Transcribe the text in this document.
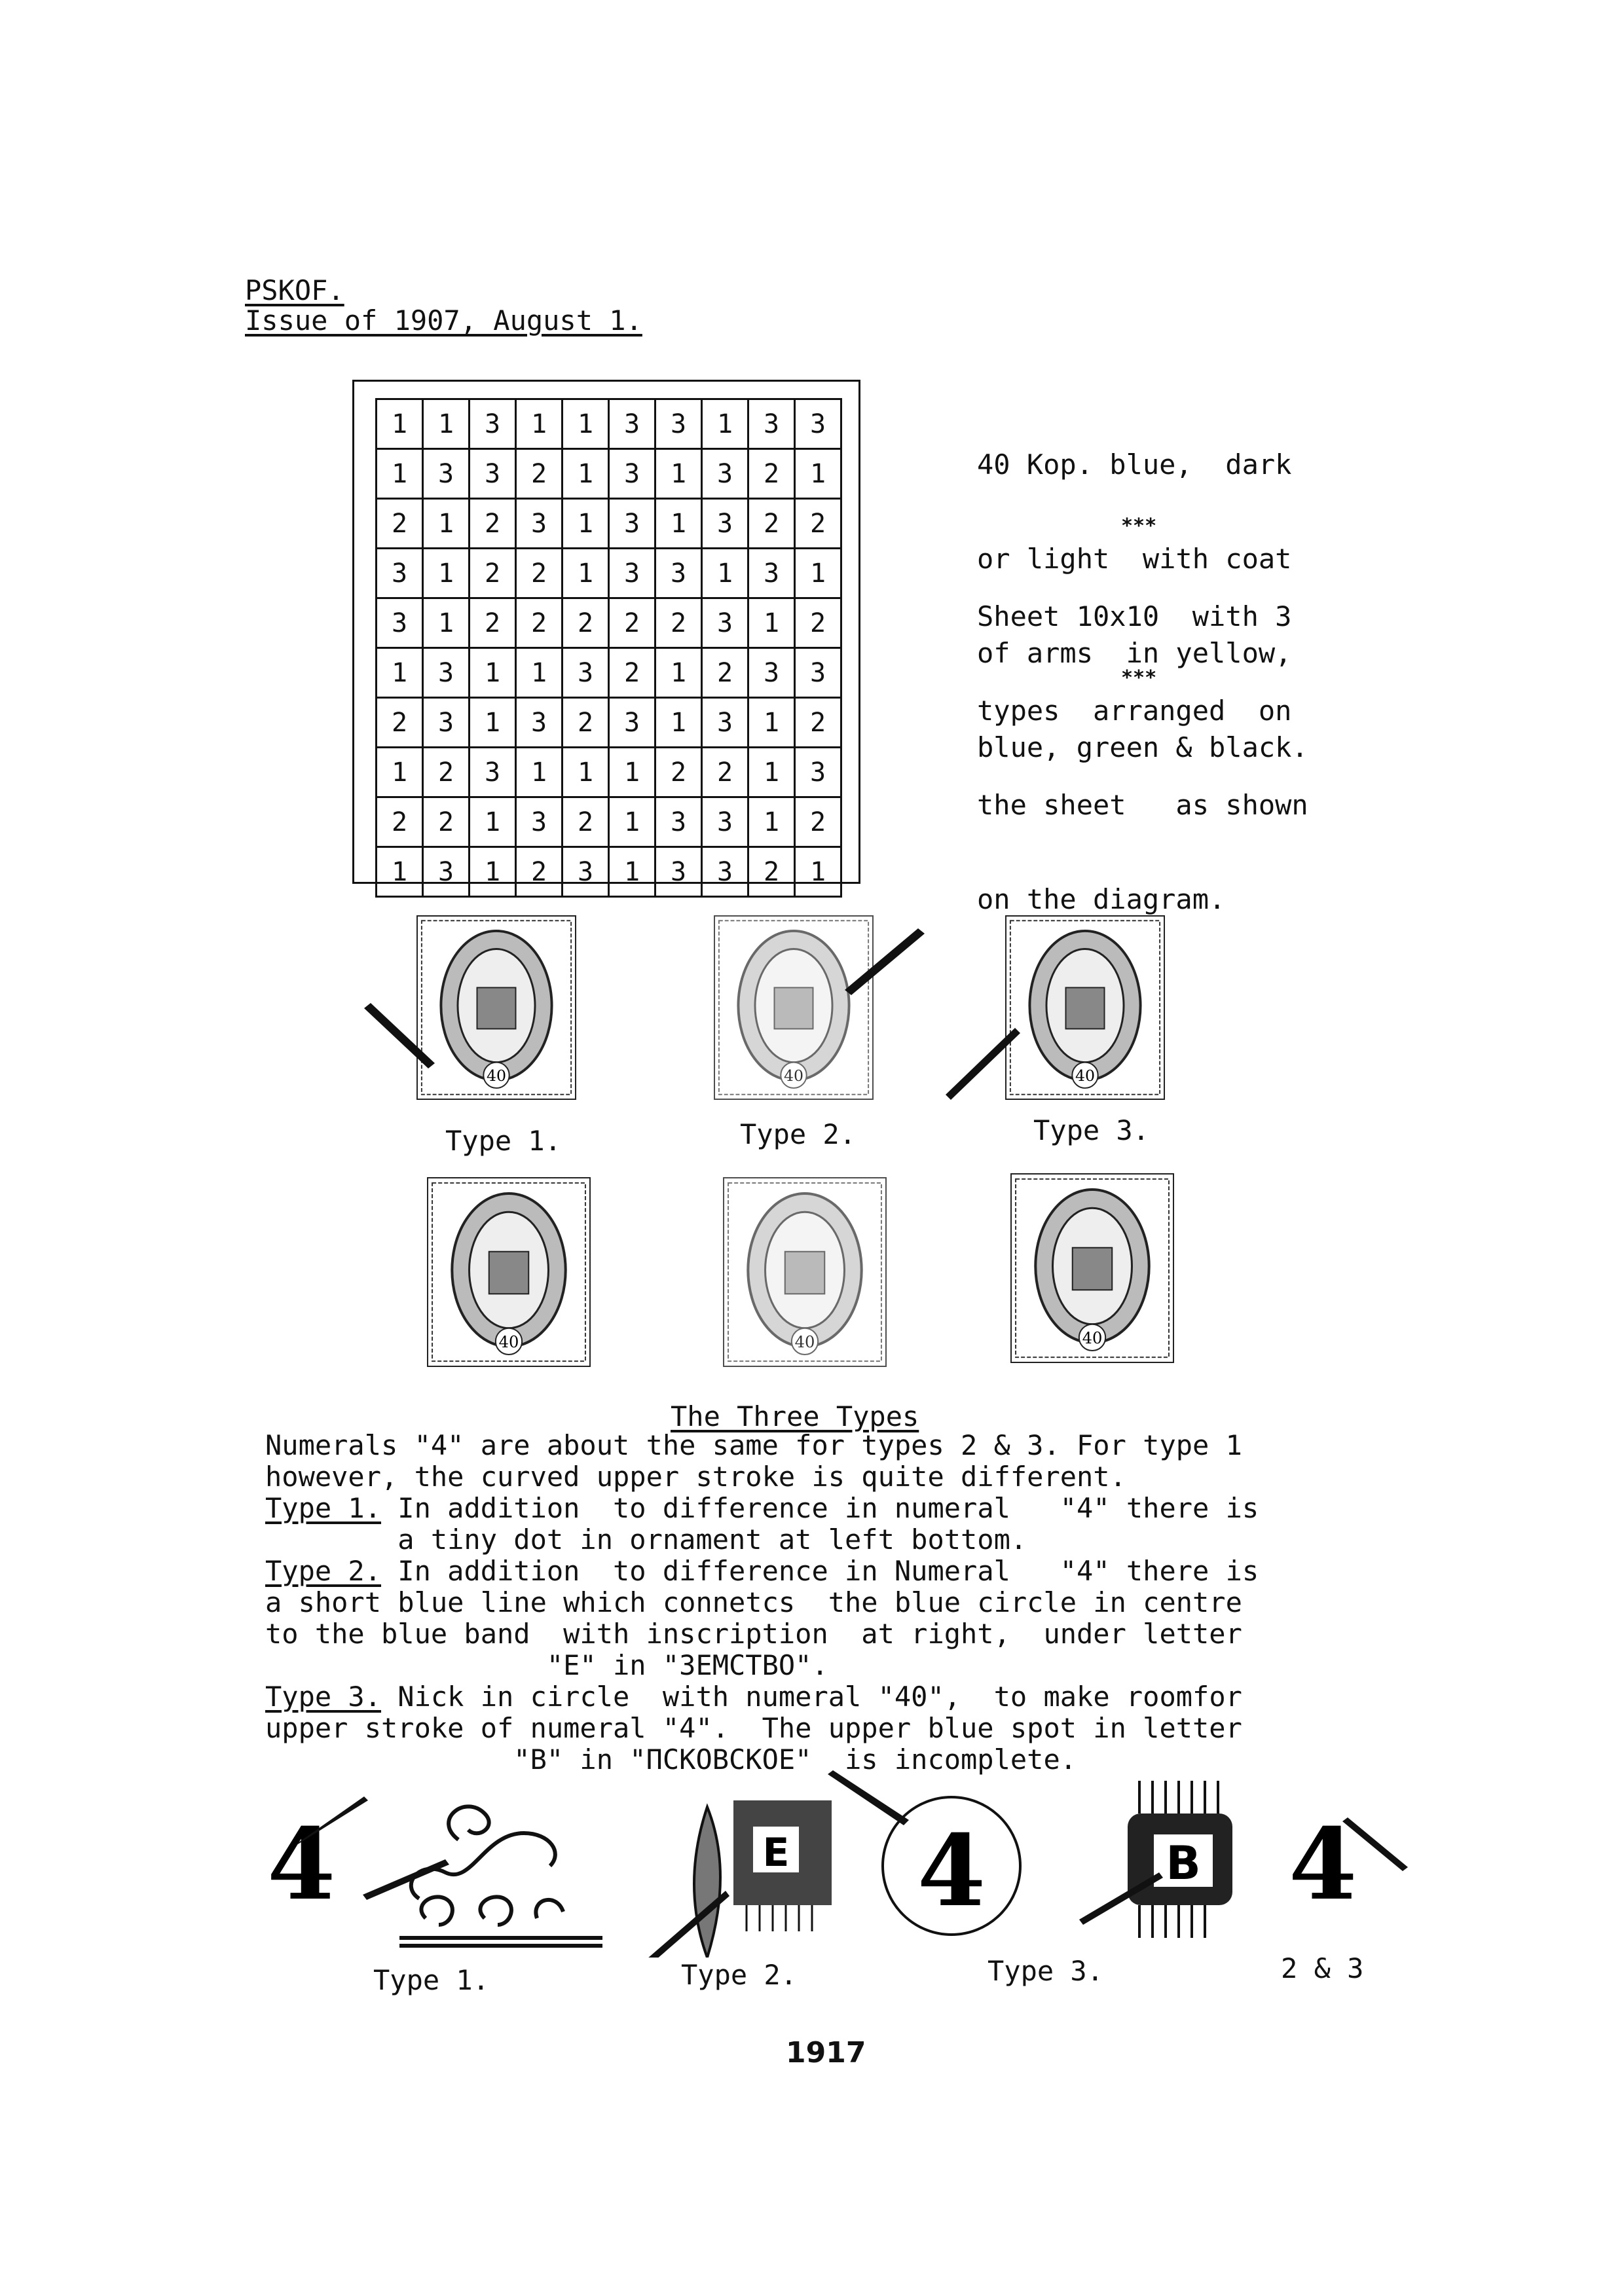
PSKOF.
Issue of 1907, August 1.
1	1	3	1	1	3	3	1	3	3
1	3	3	2	1	3	1	3	2	1
2	1	2	3	1	3	1	3	2	2
3	1	2	2	1	3	3	1	3	1
3	1	2	2	2	2	2	3	1	2
1	3	1	1	3	2	1	2	3	3
2	3	1	3	2	3	1	3	1	2
1	2	3	1	1	1	2	2	1	3
2	2	1	3	2	1	3	3	1	2
1	3	1	2	3	1	3	3	2	1

40 Kop. blue,  dark

or light  with coat

of arms  in yellow,

blue, green & black.

***

Sheet 10x10  with 3

types  arranged  on

the sheet   as shown

on the diagram.

***
40	40	40
Type 1.	Type 2.	Type 3.
40	40	40
The Three Types
Numerals "4" are about the same for types 2 & 3. For type 1
however, the curved upper stroke is quite different.
Type 1. In addition  to difference in numeral   "4" there is
a tiny dot in ornament at left bottom.
Type 2. In addition  to difference in Numeral   "4" there is
a short blue line which connetcs  the blue circle in centre
to the blue band  with inscription  at right,  under letter
"E" in "3EMCTBO".
Type 3. Nick in circle  with numeral "40",  to make roomfor
upper stroke of numeral "4".  The upper blue spot in letter
"B" in "ПСКОВСКОЕ"  is incomplete.
4	E 4	B 4
Type 1.	Type 2.	Type 3.	2 & 3
1917
